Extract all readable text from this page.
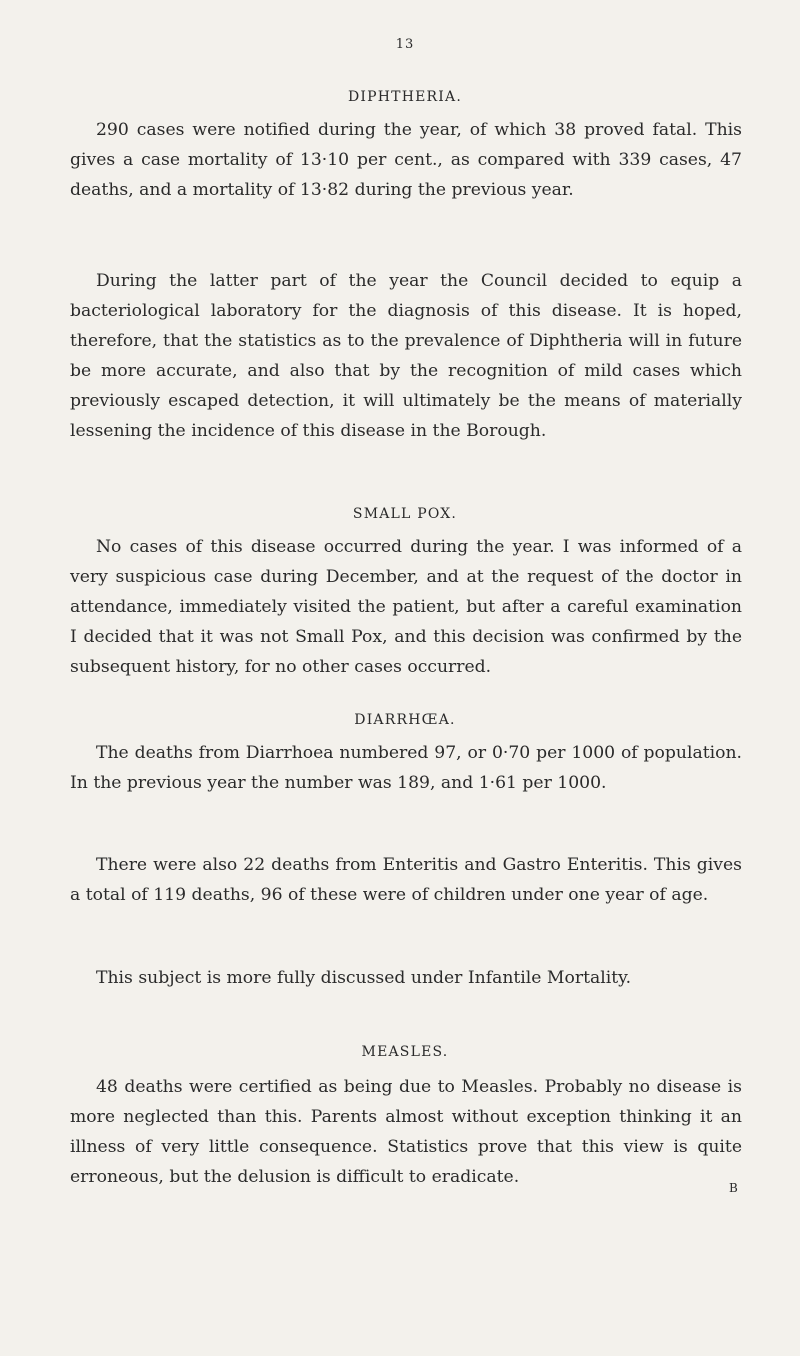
13
DIPHTHERIA.

290 cases were notified during the year, of which 38 proved fatal. This gives a case mortality of 13·10 per cent., as compared with 339 cases, 47 deaths, and a mortality of 13·82 during the previous year.

During the latter part of the year the Council decided to equip a bacteriological laboratory for the diagnosis of this disease. It is hoped, therefore, that the statistics as to the prevalence of Diphtheria will in future be more accurate, and also that by the recognition of mild cases which previously escaped detection, it will ultimately be the means of materially lessening the incidence of this disease in the Borough.

SMALL POX.

No cases of this disease occurred during the year. I was informed of a very suspicious case during December, and at the request of the doctor in attendance, immediately visited the patient, but after a careful examination I decided that it was not Small Pox, and this decision was confirmed by the subsequent history, for no other cases occurred.

DIARRHŒA.

The deaths from Diarrhoea numbered 97, or 0·70 per 1000 of population. In the previous year the number was 189, and 1·61 per 1000.

There were also 22 deaths from Enteritis and Gastro Enteritis. This gives a total of 119 deaths, 96 of these were of children under one year of age.

This subject is more fully discussed under Infantile Mortality.

MEASLES.

48 deaths were certified as being due to Measles. Probably no disease is more neglected than this. Parents almost without exception thinking it an illness of very little consequence. Statistics prove that this view is quite erroneous, but the delusion is difficult to eradicate.

B
